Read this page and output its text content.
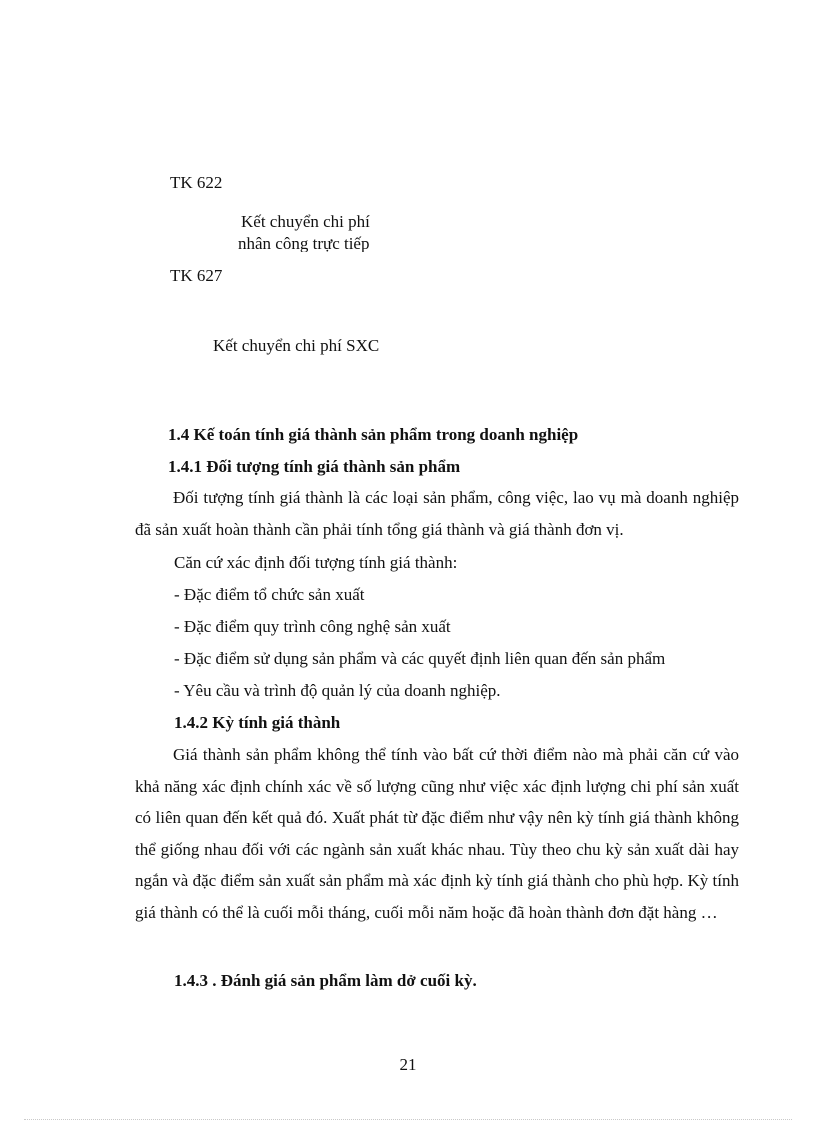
TK 622
Kết chuyển chi phí
nhân công trực tiếp
TK 627
Kết chuyển chi phí SXC
1.4 Kế toán tính giá thành sản phẩm trong doanh nghiệp
1.4.1 Đối tượng tính giá thành sản phẩm
Đối tượng tính giá thành là các loại sản phẩm, công việc, lao vụ mà doanh nghiệp đã sản xuất hoàn thành cần phải tính tổng giá thành và giá thành đơn vị.
Căn cứ xác định đối tượng tính giá thành:
- Đặc điểm tổ chức sản xuất
- Đặc điểm quy trình công nghệ sản xuất
- Đặc điểm sử dụng sản phẩm và các quyết định liên quan đến sản phẩm
- Yêu cầu và trình độ quản lý của doanh nghiệp.
1.4.2 Kỳ tính giá thành
Giá thành sản phẩm không thể tính vào bất cứ thời điểm nào mà phải căn cứ vào khả năng xác định chính xác về số lượng cũng như việc xác định lượng chi phí sản xuất có liên quan đến kết quả đó. Xuất phát từ đặc điểm như vậy nên kỳ tính giá thành không thể giống nhau đối với các ngành sản xuất khác nhau. Tùy theo chu kỳ sản xuất dài hay ngắn và đặc điểm sản xuất sản phẩm mà xác định kỳ tính giá thành cho phù hợp. Kỳ tính giá thành có thể là cuối mỗi tháng, cuối mỗi năm hoặc đã hoàn thành đơn đặt hàng …
1.4.3 . Đánh giá sản phẩm làm dở cuối kỳ.
21
